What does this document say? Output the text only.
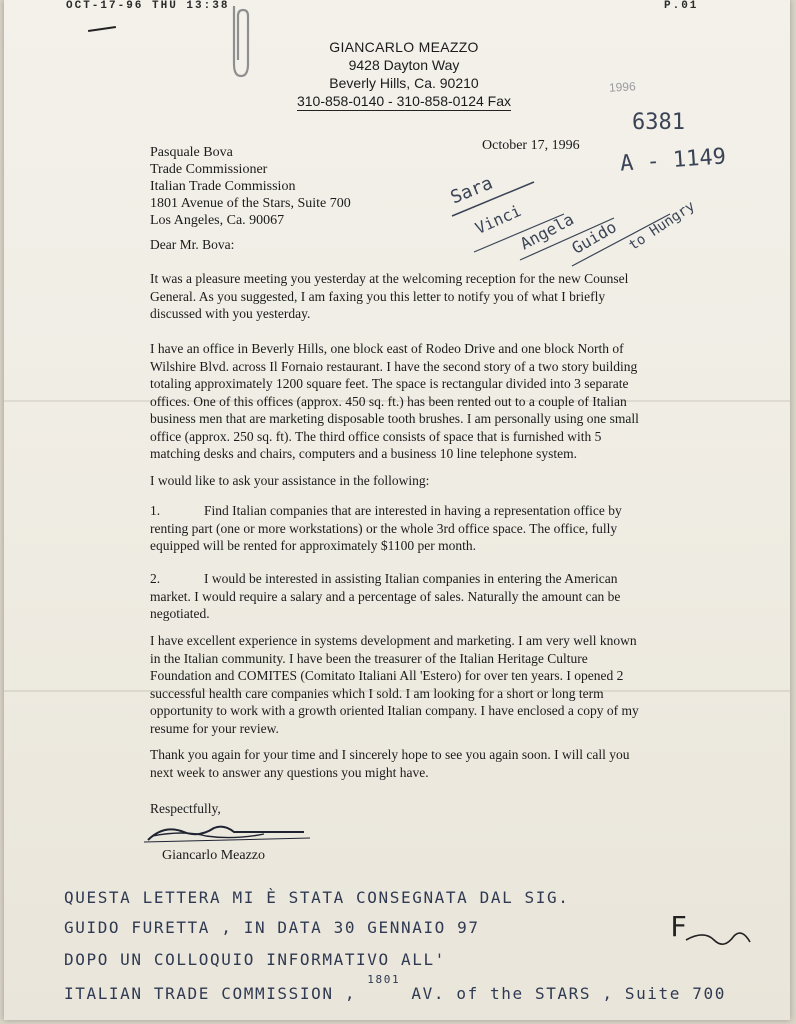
OCT-17-96 THU 13:38	P.01
GIANCARLO MEAZZO
9428 Dayton Way
Beverly Hills, Ca. 90210
310-858-0140 - 310-858-0124 Fax
1996
6381
A - 1149
Sara
Vinci
Angela
Guido to Hungry
October 17, 1996
Pasquale Bova
Trade Commissioner
Italian Trade Commission
1801 Avenue of the Stars, Suite 700
Los Angeles, Ca. 90067
Dear Mr. Bova:

It was a pleasure meeting you yesterday at the welcoming reception for the new Counsel General. As you suggested, I am faxing you this letter to notify you of what I briefly discussed with you yesterday.

I have an office in Beverly Hills, one block east of Rodeo Drive and one block North of Wilshire Blvd. across Il Fornaio restaurant. I have the second story of a two story building totaling approximately 1200 square feet. The space is rectangular divided into 3 separate offices. One of this offices (approx. 450 sq. ft.) has been rented out to a couple of Italian business men that are marketing disposable tooth brushes. I am personally using one small office (approx. 250 sq. ft). The third office consists of space that is furnished with 5 matching desks and chairs, computers and a business 10 line telephone system.

I would like to ask your assistance in the following:

1.	Find Italian companies that are interested in having a representation office by renting part (one or more workstations) or the whole 3rd office space. The office, fully equipped will be rented for approximately $1100 per month.

2.	I would be interested in assisting Italian companies in entering the American market. I would require a salary and a percentage of sales. Naturally the amount can be negotiated.

I have excellent experience in systems development and marketing. I am very well known in the Italian community. I have been the treasurer of the Italian Heritage Culture Foundation and COMITES (Comitato Italiani All 'Estero) for over ten years. I opened 2 successful health care companies which I sold. I am looking for a short or long term opportunity to work with a growth oriented Italian company. I have enclosed a copy of my resume for your review.

Thank you again for your time and I sincerely hope to see you again soon. I will call you next week to answer any questions you might have.

Respectfully,
Giancarlo Meazzo
QUESTA LETTERA MI È STATA CONSEGNATA DAL SIG.
GUIDO FURETTA , IN DATA 30 GENNAIO 97
DOPO UN COLLOQUIO INFORMATIVO ALL'
ITALIAN TRADE COMMISSION , $^{1801}$ AV. of the STARS , Suite 700
F
